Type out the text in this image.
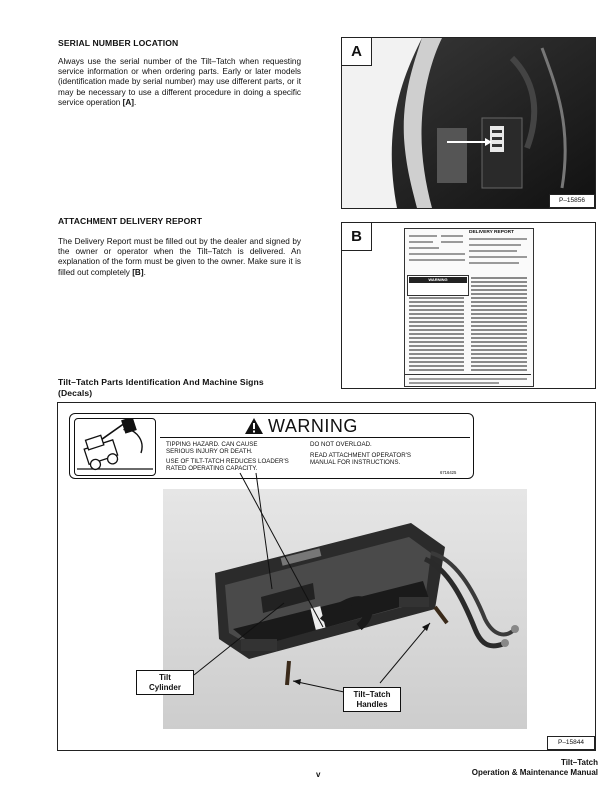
SERIAL NUMBER LOCATION
Always use the serial number of the Tilt–Tatch when requesting service information or when ordering parts. Early or later models (identification made by serial number) may use different parts, or it may be necessary to use a different procedure in doing a specific service operation [A].
A
P–15856
ATTACHMENT DELIVERY REPORT
The Delivery Report must be filled out by the dealer and signed by the owner or operator when the Tilt–Tatch is delivered. An explanation of the form must be given to the owner. Make sure it is filled out completely [B].
B	DELIVERY REPORT
WARNING
Tilt–Tatch Parts Identification And Machine Signs
(Decals)
WARNING
TIPPING HAZARD. CAN CAUSE
SERIOUS INJURY OR DEATH.
USE OF TILT-TATCH REDUCES LOADER'S
RATED OPERATING CAPACITY.
DO NOT OVERLOAD.
READ ATTACHMENT OPERATOR'S
MANUAL FOR INSTRUCTIONS.
6716425
Tilt
Cylinder
Tilt–Tatch
Handles
P–15844
v
Tilt–Tatch
Operation & Maintenance Manual
